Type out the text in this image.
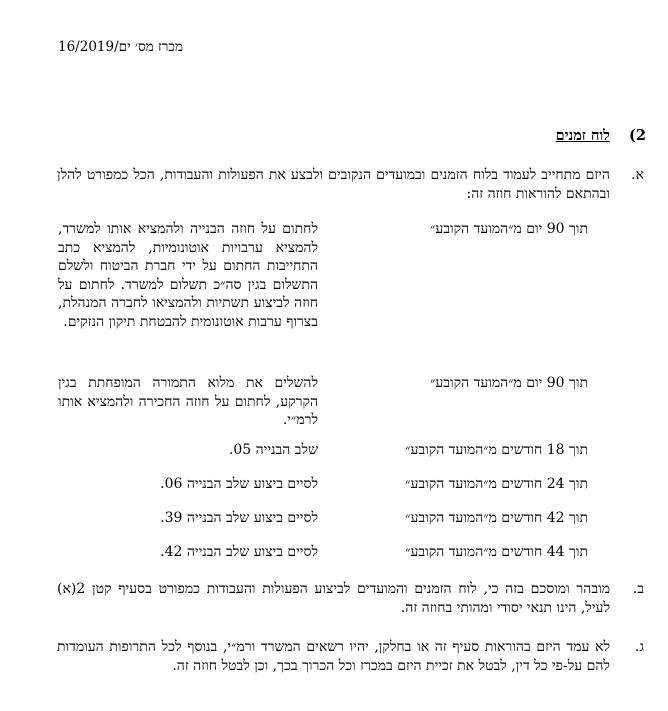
מכרז מס׳ ים/16/2019
2) לוח זמנים
א.
היזם מתחייב לעמוד בלוח הזמנים ובמועדים הנקובים ולבצע את הפעולות והעבודות, הכל כמפורט להלן ובהתאם להוראות חוזה זה:
תוך 90 יום מ״המועד הקובע״
לחתום על חוזה הבנייה ולהמציא אותו למשרד, להמציא ערבויות אוטונומיות, להמציא כתב התחייבות החתום על ידי חברת הביטוח ולשלם התשלום בגין סה״כ תשלום למשרד. לחתום על חוזה לביצוע תשתיות ולהמציאו לחברה המנהלת, בצרוף ערבות אוטונומית להבטחת תיקון הנזקים.
תוך 90 יום מ״המועד הקובע״
להשלים את מלוא התמורה המופחתת בגין הקרקע, לחתום על חוזה החכירה ולהמציא אותו לרמ״י.
תוך 18 חודשים מ״המועד הקובע״
שלב הבנייה 05.
תוך 24 חודשים מ״המועד הקובע״
לסיים ביצוע שלב הבנייה 06.
תוך 42 חודשים מ״המועד הקובע״
לסיים ביצוע שלב הבנייה 39.
תוך 44 חודשים מ״המועד הקובע״
לסיים ביצוע שלב הבנייה 42.
ב.
מובהר ומוסכם בזה כי, לוח הזמנים והמועדים לביצוע הפעולות והעבודות כמפורט בסעיף קטן 2(א) לעיל, הינו תנאי יסודי ומהותי בחוזה זה.
ג.
לא עמד היזם בהוראות סעיף זה או בחלקן, יהיו רשאים המשרד ורמ״י, בנוסף לכל התרופות העומדות להם על-פי כל דין, לבטל את זכיית היזם במכרז וכל הכרוך בכך, וכן לבטל חוזה זה.
